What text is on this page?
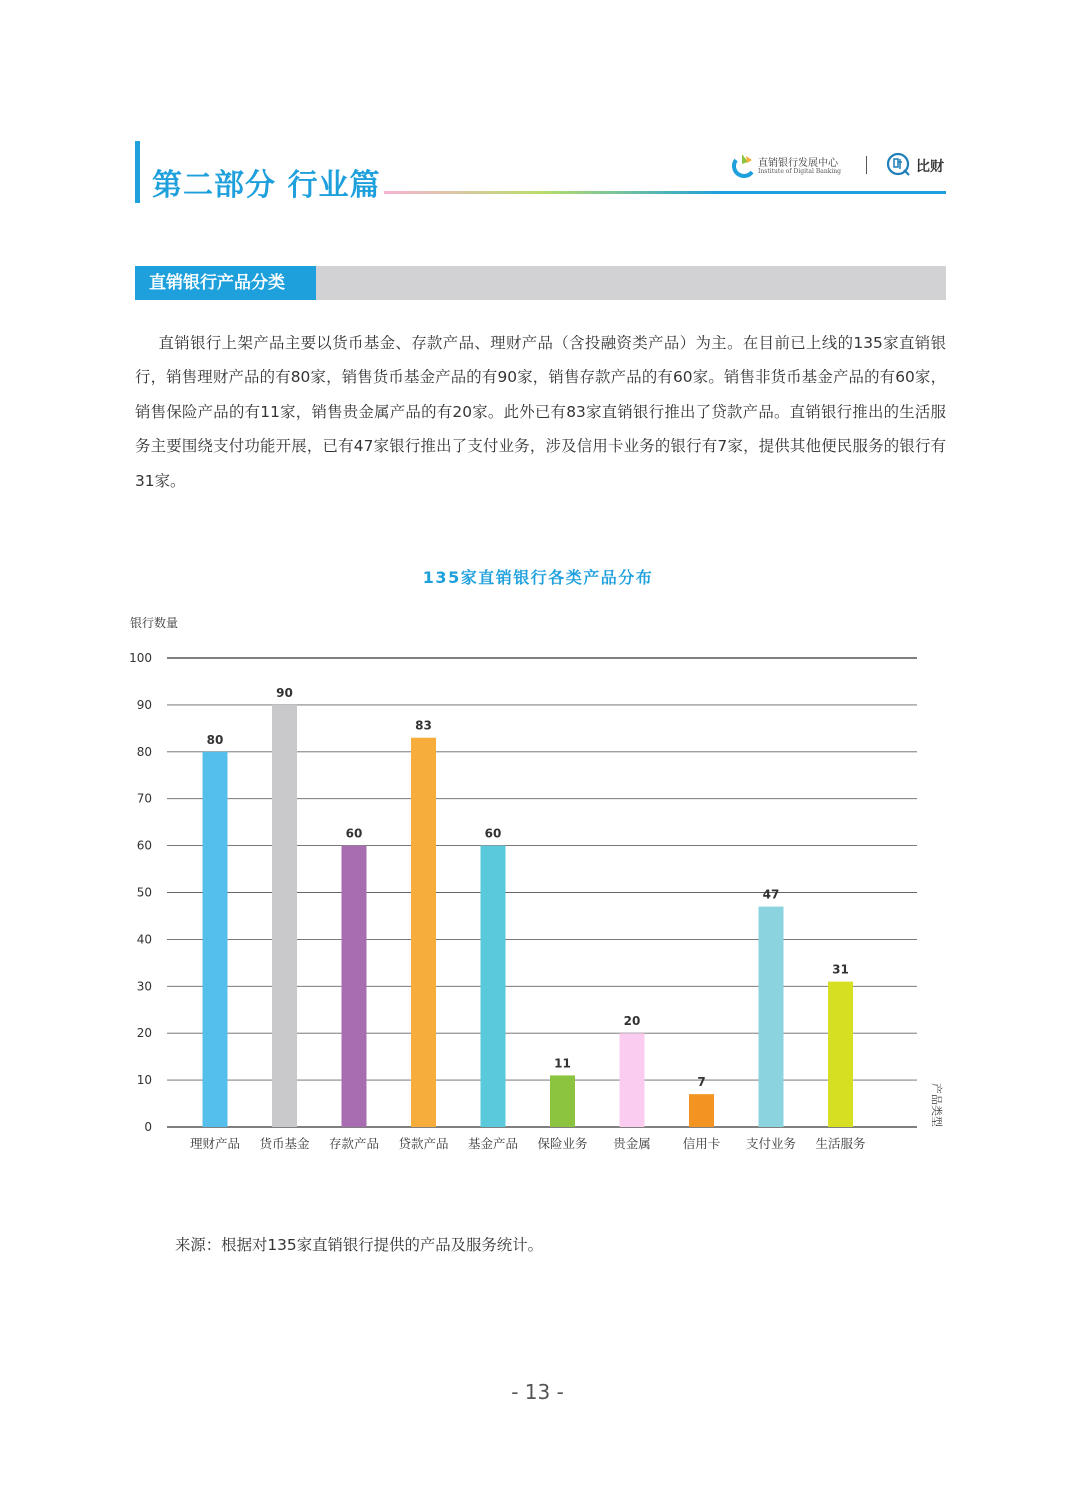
第二部分 行业篇
直销银行发展中心
Institute of Digital Banking	比财
直销银行产品分类

  直销银行上架产品主要以货币基金、存款产品、理财产品（含投融资类产品）为主。在目前已上线的135家直销银行，销售理财产品的有80家，销售货币基金产品的有90家，销售存款产品的有60家。销售非货币基金产品的有60家，销售保险产品的有11家，销售贵金属产品的有20家。此外已有83家直销银行推出了贷款产品。直销银行推出的生活服务主要围绕支付功能开展，已有47家银行推出了支付业务，涉及信用卡业务的银行有7家，提供其他便民服务的银行有31家。

135家直销银行各类产品分布
银行数量
产品类型
0
10
20
30
40
50
60
70
80
90
100
80
理财产品
90
货币基金
60
存款产品
83
贷款产品
60
基金产品
11
保险业务
20
贵金属
7
信用卡
47
支付业务
31
生活服务

来源：根据对135家直销银行提供的产品及服务统计。

- 13 -
